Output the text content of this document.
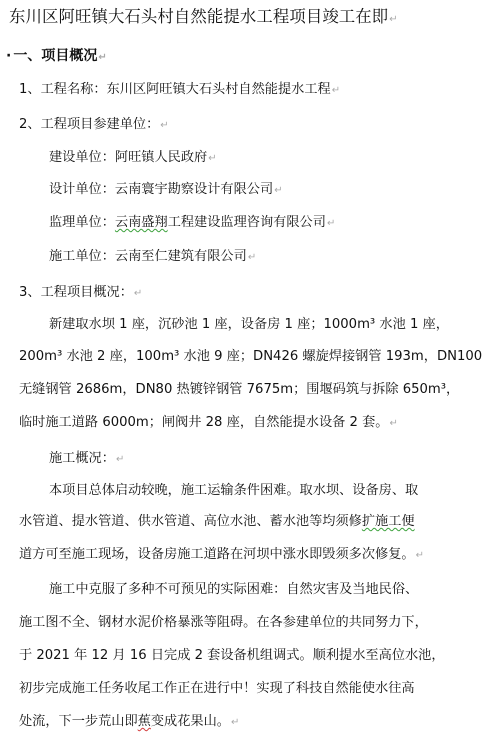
东川区阿旺镇大石头村自然能提水工程项目竣工在即↵
· 一、项目概况↵
1、工程名称：东川区阿旺镇大石头村自然能提水工程↵
2、工程项目参建单位：↵
建设单位：阿旺镇人民政府↵
设计单位：云南寰宇勘察设计有限公司↵
监理单位：云南盛翔工程建设监理咨询有限公司↵
施工单位：云南至仁建筑有限公司↵
3、工程项目概况：↵
新建取水坝 1 座，沉砂池 1 座，设备房 1 座；1000m³ 水池 1 座，
200m³ 水池 2 座，100m³ 水池 9 座；DN426 螺旋焊接钢管 193m，DN100
无缝钢管 2686m，DN80 热镀锌钢管 7675m；围堰码筑与拆除 650m³，
临时施工道路 6000m；闸阀井 28 座，自然能提水设备 2 套。↵
施工概况：↵
本项目总体启动较晚，施工运输条件困难。取水坝、设备房、取
水管道、提水管道、供水管道、高位水池、蓄水池等均须修扩施工便
道方可至施工现场，设备房施工道路在河坝中涨水即毁须多次修复。↵
施工中克服了多种不可预见的实际困难：自然灾害及当地民俗、
施工图不全、钢材水泥价格暴涨等阻碍。在各参建单位的共同努力下，
于 2021 年 12 月 16 日完成 2 套设备机组调式。顺利提水至高位水池，
初步完成施工任务收尾工作正在进行中！实现了科技自然能使水往高
处流，下一步荒山即蕉变成花果山。↵
